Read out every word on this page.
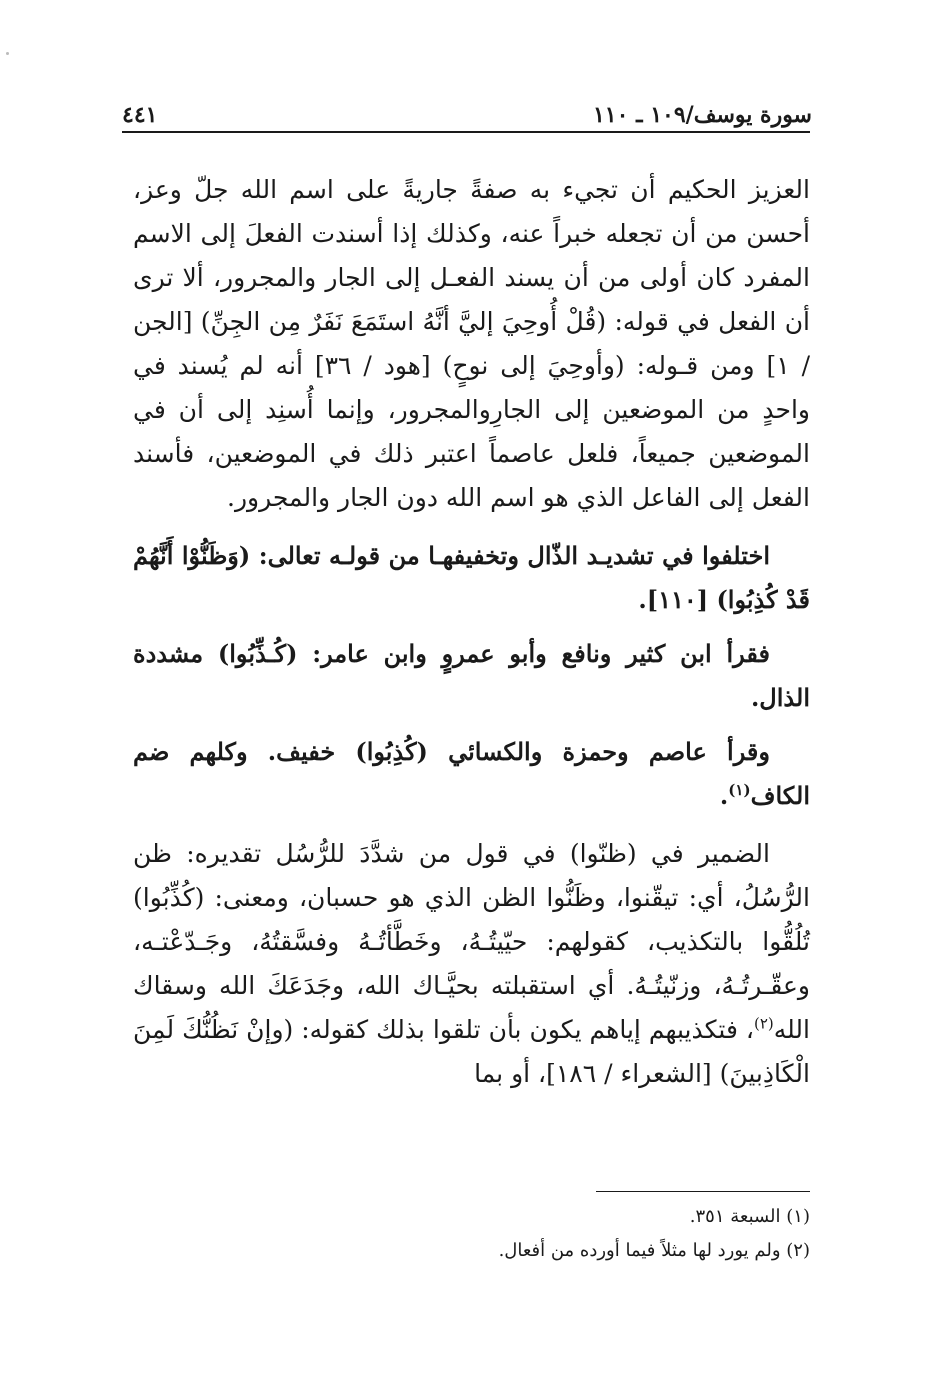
سورة يوسف/١٠٩ ـ ١١٠
٤٤١

العزيز الحكيم أن تجيء به صفةً جاريةً على اسم الله جلّ وعز، أحسن من أن تجعله خبراً عنه، وكذلك إذا أسندت الفعلَ إلى الاسم المفرد كان أولى من أن يسند الفعـل إلى الجار والمجرور، ألا ترى أن الفعل في قوله: (قُلْ أُوحِيَ إليَّ أنَّهُ استَمَعَ نَفَرٌ مِن الجِنِّ) [الجن / ١] ومن قـوله: (وأوحِيَ إلى نوحٍ) [هود / ٣٦] أنه لم يُسند في واحدٍ من الموضعين إلى الجارِوالمجرور، وإنما أُسنِد إلى أن في الموضعين جميعاً، فلعل عاصماً اعتبر ذلك في الموضعين، فأسند الفعل إلى الفاعل الذي هو اسم الله دون الجار والمجرور.

اختلفوا في تشديـد الذّال وتخفيفهـا من قولـه تعالى: (وَظَنُّوْا أَنَّهُمْ قَدْ كُذِبُوا) [١١٠].

فقرأ ابن كثير ونافع وأبو عمروٍ وابن عامر: (كُـذِّبُوا) مشددة الذال.

وقرأ عاصم وحمزة والكسائي (كُذِبُوا) خفيف. وكلهم ضم الكاف$^{(١)}$.

الضمير في (ظنّوا) في قول من شدَّدَ للرُّسُل تقديره: ظن الرُّسُلُ، أي: تيقّنوا، وظَنُّوا الظن الذي هو حسبان، ومعنى: (كُذِّبُوا) تُلُقُّوا بالتكذيب، كقولهم: حيّيتُـهُ، وخَطَّأتُـهُ وفسَّقتُهُ، وجَـدّعْتـه، وعقّـرتُـهُ، وزنّيتُـهُ. أي استقبلته بحيَّـاك الله، وجَدَعَكَ الله وسقاك الله$^{(٢)}$، فتكذيبهم إياهم يكون بأن تلقوا بذلك كقوله: (وإنْ نَظُنُّكَ لَمِنَ الْكَاذِبينَ) [الشعراء / ١٨٦]، أو بما

(١) السبعة ٣٥١.

(٢) ولم يورد لها مثلاً فيما أورده من أفعال.
